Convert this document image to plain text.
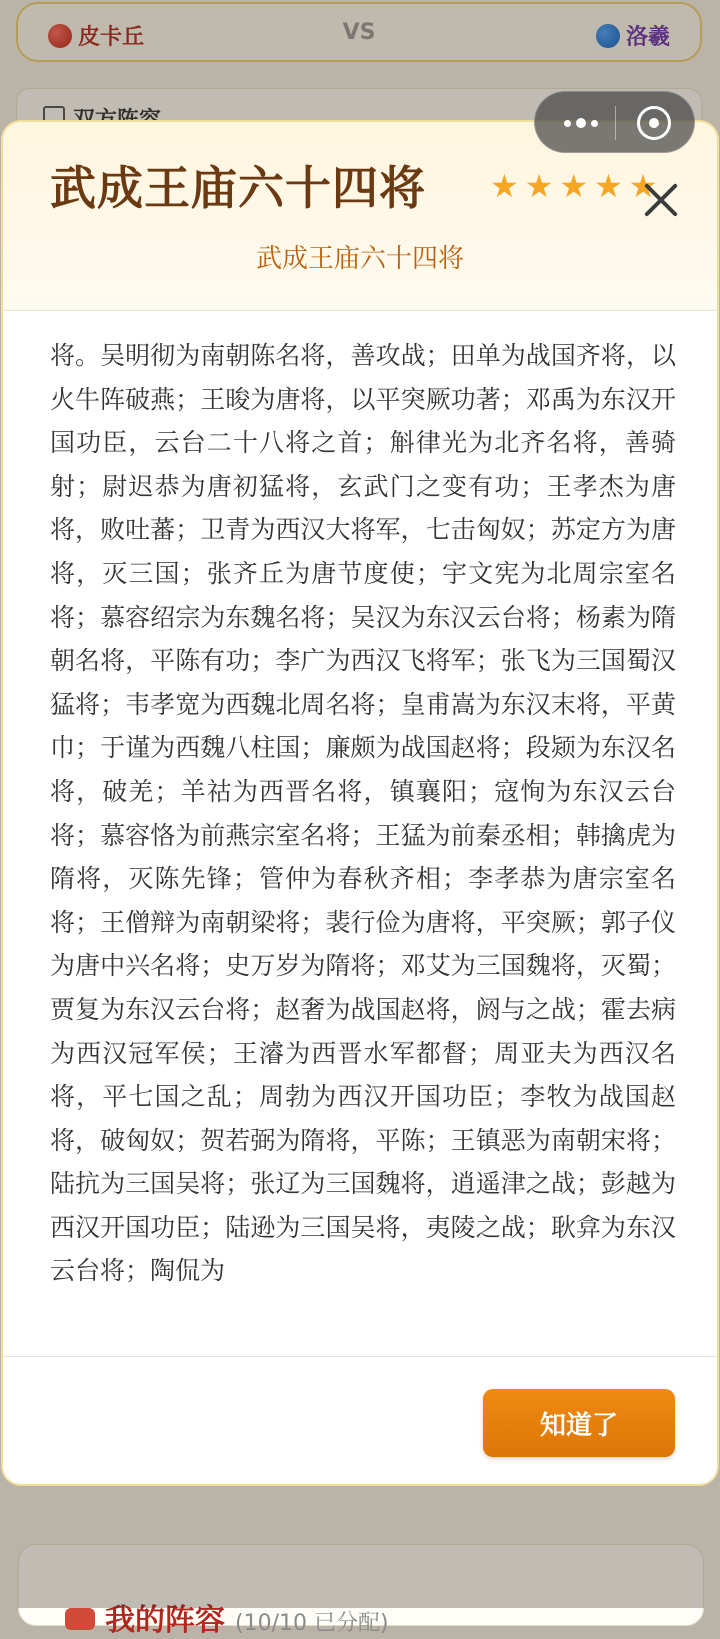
皮卡丘	VS	洛羲
我的阵容 (10/10 已分配)
武成王庙六十四将 ★ ★ ★ ★ ★
武成王庙六十四将

将。吴明彻为南朝陈名将，善攻战；田单为战国齐将，以火牛阵破燕；王晙为唐将，以平突厥功著；邓禹为东汉开国功臣，云台二十八将之首；斛律光为北齐名将，善骑射；尉迟恭为唐初猛将，玄武门之变有功；王孝杰为唐将，败吐蕃；卫青为西汉大将军，七击匈奴；苏定方为唐将，灭三国；张齐丘为唐节度使；宇文宪为北周宗室名将；慕容绍宗为东魏名将；吴汉为东汉云台将；杨素为隋朝名将，平陈有功；李广为西汉飞将军；张飞为三国蜀汉猛将；韦孝宽为西魏北周名将；皇甫嵩为东汉末将，平黄巾；于谨为西魏八柱国；廉颇为战国赵将；段颎为东汉名将，破羌；羊祜为西晋名将，镇襄阳；寇恂为东汉云台将；慕容恪为前燕宗室名将；王猛为前秦丞相；韩擒虎为隋将，灭陈先锋；管仲为春秋齐相；李孝恭为唐宗室名将；王僧辩为南朝梁将；裴行俭为唐将，平突厥；郭子仪为唐中兴名将；史万岁为隋将；邓艾为三国魏将，灭蜀；贾复为东汉云台将；赵奢为战国赵将，阏与之战；霍去病为西汉冠军侯；王濬为西晋水军都督；周亚夫为西汉名将，平七国之乱；周勃为西汉开国功臣；李牧为战国赵将，破匈奴；贺若弼为隋将，平陈；王镇恶为南朝宋将；陆抗为三国吴将；张辽为三国魏将，逍遥津之战；彭越为西汉开国功臣；陆逊为三国吴将，夷陵之战；耿弇为东汉云台将；陶侃为

知道了
